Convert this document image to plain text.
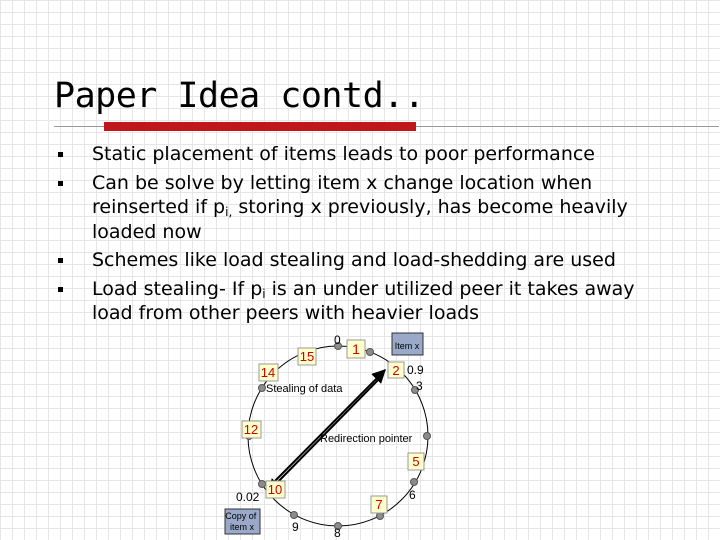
Paper Idea contd..
Static placement of items leads to poor performance
Can be solve by letting item x change location when reinserted if $p_{i,}$ storing x previously, has become heavily loaded now
Schemes like load stealing and load-shedding are used
Load stealing- If $p_i$ is an under utilized peer it takes away load from other peers with heavier loads
15	1
14	2
12
5
10
7
0
6
9	8
0.9
3
0.02
Item x
Copy of item x
Stealing of data
Redirection pointer
